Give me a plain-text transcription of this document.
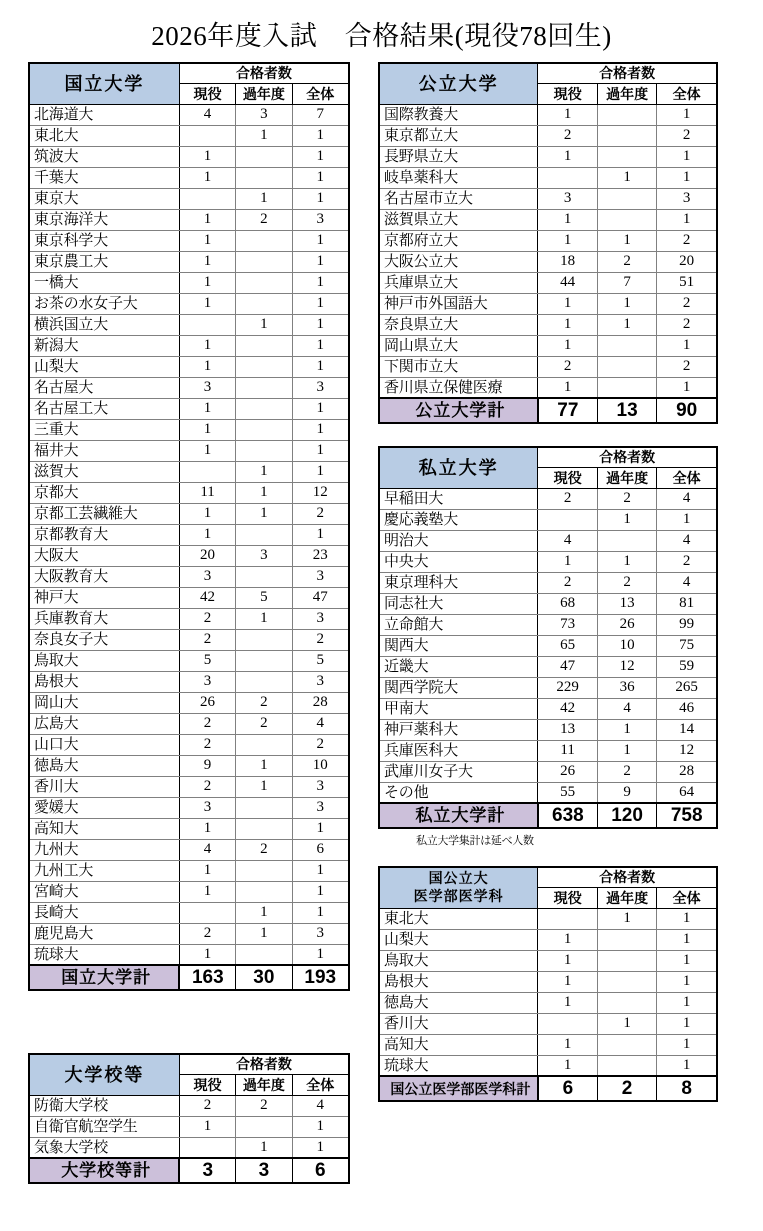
2026年度入試　合格結果(現役78回生)
国立大学	合格者数		
	現役	過年度	全体
北海道大	4	3	7
東北大		1	1
筑波大	1		1
千葉大	1		1
東京大		1	1
東京海洋大	1	2	3
東京科学大	1		1
東京農工大	1		1
一橋大	1		1
お茶の水女子大	1		1
横浜国立大		1	1
新潟大	1		1
山梨大	1		1
名古屋大	3		3
名古屋工大	1		1
三重大	1		1
福井大	1		1
滋賀大		1	1
京都大	11	1	12
京都工芸繊維大	1	1	2
京都教育大	1		1
大阪大	20	3	23
大阪教育大	3		3
神戸大	42	5	47
兵庫教育大	2	1	3
奈良女子大	2		2
鳥取大	5		5
島根大	3		3
岡山大	26	2	28
広島大	2	2	4
山口大	2		2
徳島大	9	1	10
香川大	2	1	3
愛媛大	3		3
高知大	1		1
九州大	4	2	6
九州工大	1		1
宮崎大	1		1
長崎大		1	1
鹿児島大	2	1	3
琉球大	1		1
国立大学計	163	30	193
大学校等	合格者数		
	現役	過年度	全体
防衛大学校	2	2	4
自衛官航空学生	1		1
気象大学校		1	1
大学校等計	3	3	6
公立大学	合格者数		
	現役	過年度	全体
国際教養大	1		1
東京都立大	2		2
長野県立大	1		1
岐阜薬科大		1	1
名古屋市立大	3		3
滋賀県立大	1		1
京都府立大	1	1	2
大阪公立大	18	2	20
兵庫県立大	44	7	51
神戸市外国語大	1	1	2
奈良県立大	1	1	2
岡山県立大	1		1
下関市立大	2		2
香川県立保健医療	1		1
公立大学計	77	13	90
私立大学	合格者数		
	現役	過年度	全体
早稲田大	2	2	4
慶応義塾大		1	1
明治大	4		4
中央大	1	1	2
東京理科大	2	2	4
同志社大	68	13	81
立命館大	73	26	99
関西大	65	10	75
近畿大	47	12	59
関西学院大	229	36	265
甲南大	42	4	46
神戸薬科大	13	1	14
兵庫医科大	11	1	12
武庫川女子大	26	2	28
その他	55	9	64
私立大学計	638	120	758
私立大学集計は延べ人数
国公立大
医学部医学科	合格者数		
	現役	過年度	全体
東北大		1	1
山梨大	1		1
鳥取大	1		1
島根大	1		1
徳島大	1		1
香川大		1	1
高知大	1		1
琉球大	1		1
国公立医学部医学科計	6	2	8
